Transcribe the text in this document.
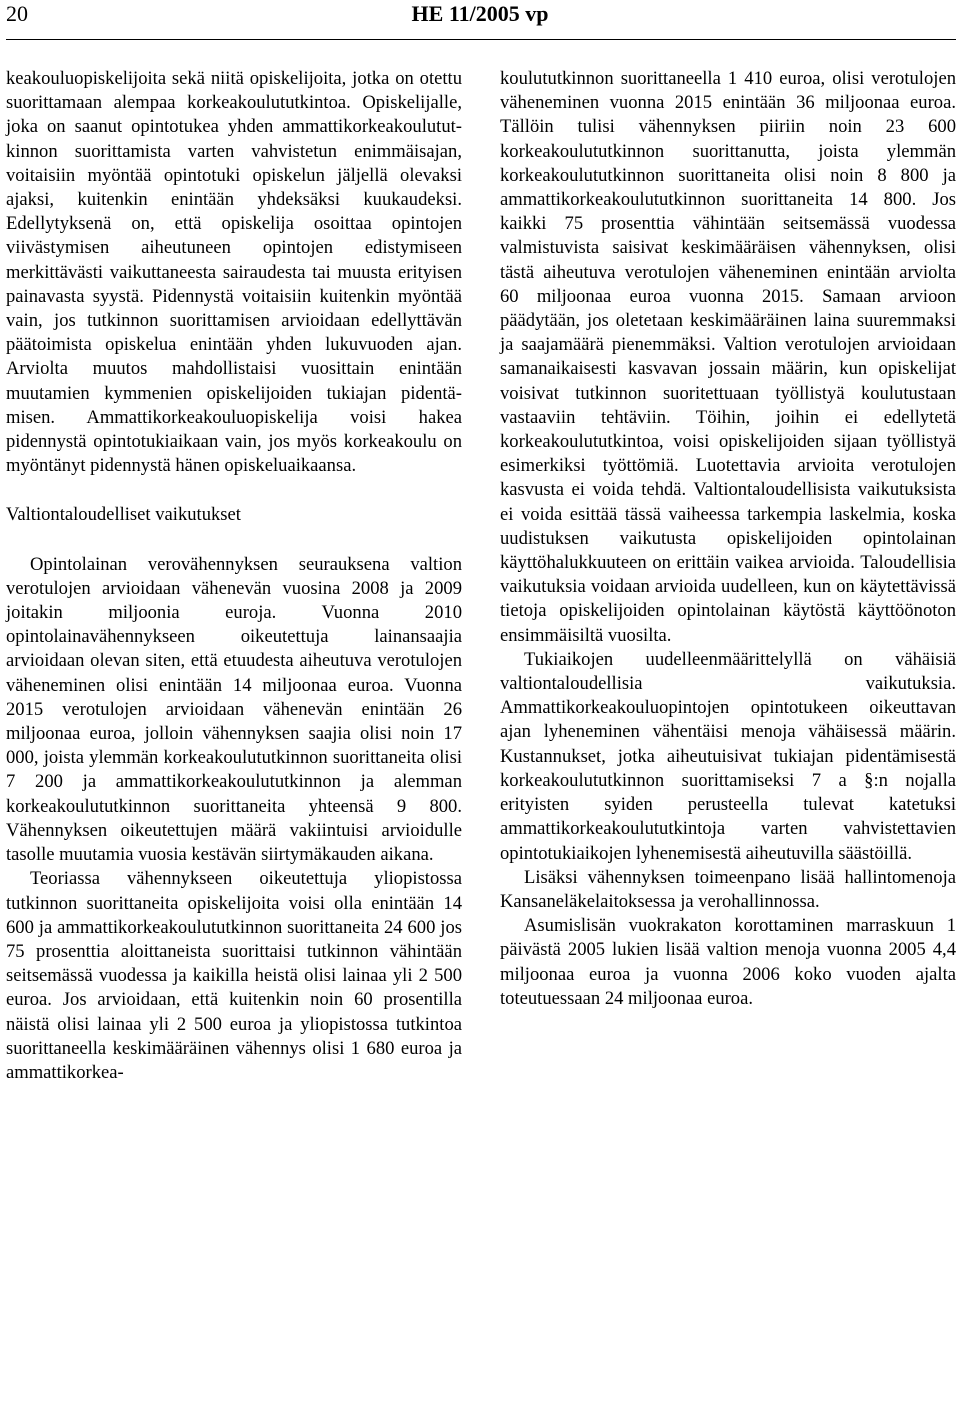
20	HE 11/2005 vp

keakouluopiskelijoita sekä niitä opiskelijoita, jotka on otettu suorittamaan alempaa korkeakoulututkintoa. Opiskelijalle, joka on saanut opintotukea yhden ammattikorkeakoulututkinnon suorittamista varten vahvistetun enimmäisajan, voitaisiin myöntää opintotuki opiskelun jäljellä olevaksi ajaksi, kuitenkin enintään yhdeksäksi kuukaudeksi. Edellytyksenä on, että opiskelija osoittaa opintojen viivästymisen aiheutuneen opintojen edistymiseen merkittävästi vaikuttaneesta sairaudesta tai muusta erityisen painavasta syystä. Pidennystä voitaisiin kuitenkin myöntää vain, jos tutkinnon suorittamisen arvioidaan edellyttävän päätoimista opiskelua enintään yhden lukuvuoden ajan. Arviolta muutos mahdollistaisi vuosittain enintään muutamien kymmenien opiskelijoiden tukiajan pidentämisen. Ammattikorkeakouluopiskelija voisi hakea pidennystä opintotukiaikaan vain, jos myös korkeakoulu on myöntänyt pidennystä hänen opiskeluaikaansa.

Valtiontaloudelliset vaikutukset

Opintolainan verovähennyksen seurauksena valtion verotulojen arvioidaan vähenevän vuosina 2008 ja 2009 joitakin miljoonia euroja. Vuonna 2010 opintolainavähennykseen oikeutettuja lainansaajia arvioidaan olevan siten, että etuudesta aiheutuva verotulojen väheneminen olisi enintään 14 miljoonaa euroa. Vuonna 2015 verotulojen arvioidaan vähenevän enintään 26 miljoonaa euroa, jolloin vähennyksen saajia olisi noin 17 000, joista ylemmän korkeakoulututkinnon suorittaneita olisi 7 200 ja ammattikorkeakoulututkinnon ja alemman korkeakoulututkinnon suorittaneita yhteensä 9 800. Vähennyksen oikeutettujen määrä vakiintuisi arvioidulle tasolle muutamia vuosia kestävän siirtymäkauden aikana.

Teoriassa vähennykseen oikeutettuja yliopistossa tutkinnon suorittaneita opiskelijoita voisi olla enintään 14 600 ja ammattikorkeakoulututkinnon suorittaneita 24 600 jos 75 prosenttia aloittaneista suorittaisi tutkinnon vähintään seitsemässä vuodessa ja kaikilla heistä olisi lainaa yli 2 500 euroa. Jos arvioidaan, että kuitenkin noin 60 prosentilla näistä olisi lainaa yli 2 500 euroa ja yliopistossa tutkintoa suorittaneella keskimääräinen vähennys olisi 1 680 euroa ja ammattikorkea-

koulututkinnon suorittaneella 1 410 euroa, olisi verotulojen väheneminen vuonna 2015 enintään 36 miljoonaa euroa. Tällöin tulisi vähennyksen piiriin noin 23 600 korkeakoulututkinnon suorittanutta, joista ylemmän korkeakoulututkinnon suorittaneita olisi noin 8 800 ja ammattikorkeakoulututkinnon suorittaneita 14 800. Jos kaikki 75 prosenttia vähintään seitsemässä vuodessa valmistuvista saisivat keskimääräisen vähennyksen, olisi tästä aiheutuva verotulojen väheneminen enintään arviolta 60 miljoonaa euroa vuonna 2015. Samaan arvioon päädytään, jos oletetaan keskimääräinen laina suuremmaksi ja saajamäärä pienemmäksi. Valtion verotulojen arvioidaan samanaikaisesti kasvavan jossain määrin, kun opiskelijat voisivat tutkinnon suoritettuaan työllistyä koulutustaan vastaaviin tehtäviin. Töihin, joihin ei edellytetä korkeakoulututkintoa, voisi opiskelijoiden sijaan työllistyä esimerkiksi työttömiä. Luotettavia arvioita verotulojen kasvusta ei voida tehdä. Valtiontaloudellisista vaikutuksista ei voida esittää tässä vaiheessa tarkempia laskelmia, koska uudistuksen vaikutusta opiskelijoiden opintolainan käyttöhalukkuuteen on erittäin vaikea arvioida. Taloudellisia vaikutuksia voidaan arvioida uudelleen, kun on käytettävissä tietoja opiskelijoiden opintolainan käytöstä käyttöönoton ensimmäisiltä vuosilta.

Tukiaikojen uudelleenmäärittelyllä on vähäisiä valtiontaloudellisia vaikutuksia. Ammattikorkeakouluopintojen opintotukeen oikeuttavan ajan lyheneminen vähentäisi menoja vähäisessä määrin. Kustannukset, jotka aiheutuisivat tukiajan pidentämisestä korkeakoulututkinnon suorittamiseksi 7 a §:n nojalla erityisten syiden perusteella tulevat katetuksi ammattikorkeakoulututkintoja varten vahvistettavien opintotukiaikojen lyhenemisestä aiheutuvilla säästöillä.

Lisäksi vähennyksen toimeenpano lisää hallintomenoja Kansaneläkelaitoksessa ja verohallinnossa.

Asumislisän vuokrakaton korottaminen marraskuun 1 päivästä 2005 lukien lisää valtion menoja vuonna 2005 4,4 miljoonaa euroa ja vuonna 2006 koko vuoden ajalta toteutuessaan 24 miljoonaa euroa.
